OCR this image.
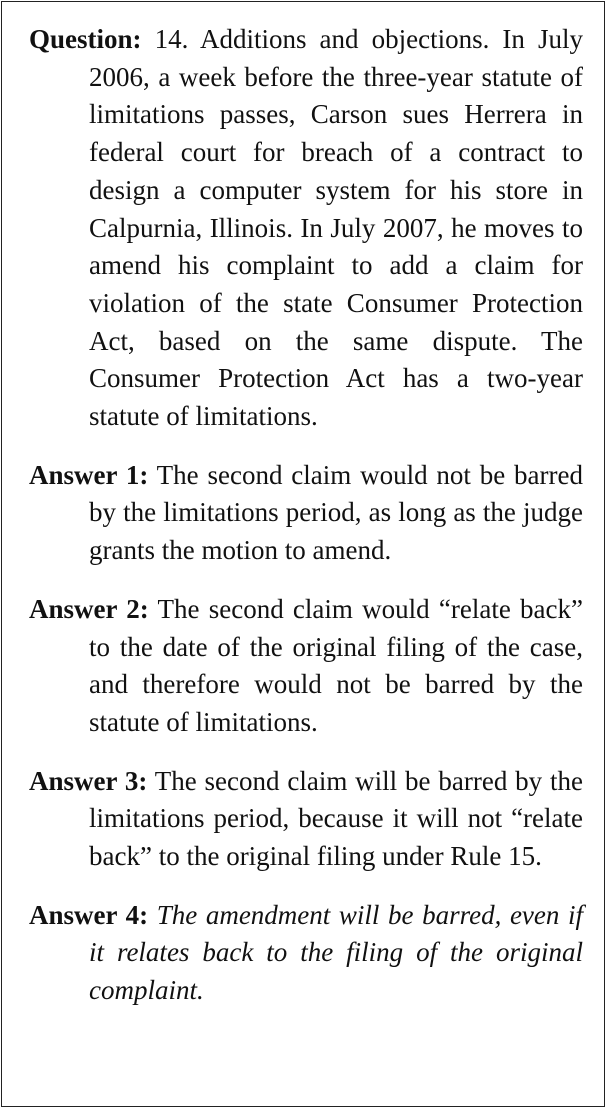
Question: 14. Additions and objections. In July 2006, a week before the three-year statute of limitations passes, Carson sues Herrera in federal court for breach of a contract to design a computer system for his store in Calpurnia, Illinois. In July 2007, he moves to amend his complaint to add a claim for violation of the state Consumer Protection Act, based on the same dispute. The Consumer Protection Act has a two-year statute of limitations.

Answer 1: The second claim would not be barred by the limitations period, as long as the judge grants the motion to amend.

Answer 2: The second claim would “relate back” to the date of the original filing of the case, and therefore would not be barred by the statute of limitations.

Answer 3: The second claim will be barred by the limitations period, because it will not “relate back” to the original filing under Rule 15.

Answer 4: The amendment will be barred, even if it relates back to the filing of the original complaint.
